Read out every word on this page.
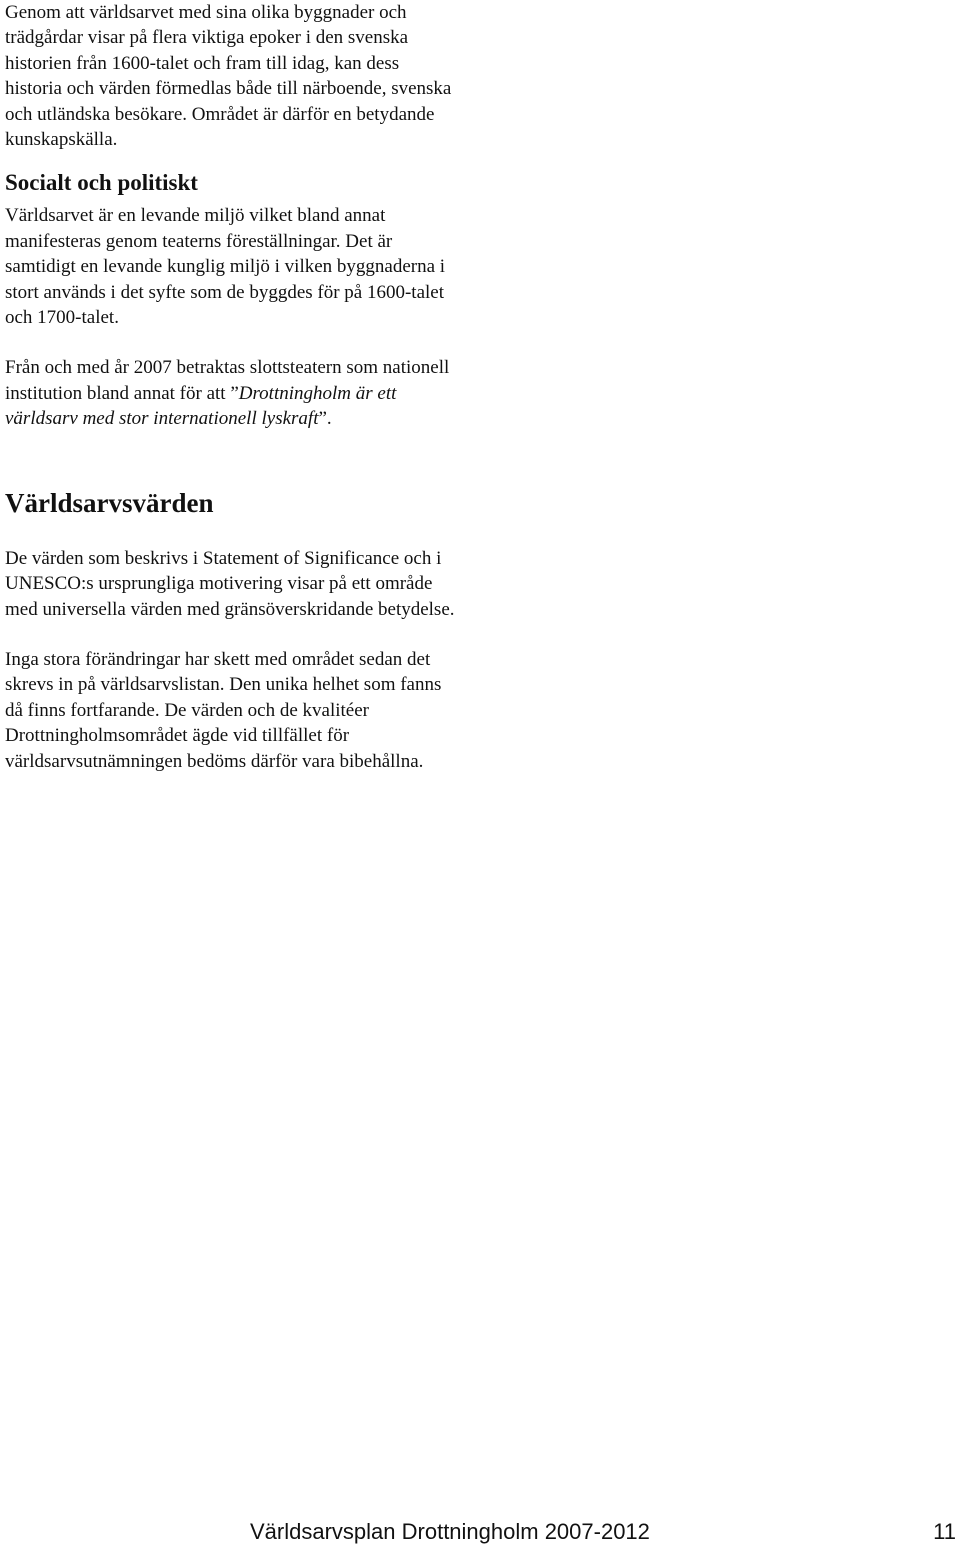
Genom att världsarvet med sina olika byggnader och trädgårdar visar på flera viktiga epoker i den svenska historien från 1600-talet och fram till idag, kan dess historia och värden förmedlas både till närboende, svenska och utländska besökare. Området är därför en betydande kunskapskälla.

Socialt och politiskt

Världsarvet är en levande miljö vilket bland annat manifesteras genom teaterns föreställningar. Det är samtidigt en levande kunglig miljö i vilken byggnaderna i stort används i det syfte som de byggdes för på 1600-talet och 1700-talet.

Från och med år 2007 betraktas slottsteatern som nationell institution bland annat för att ”Drottningholm är ett världsarv med stor internationell lyskraft”.

Världsarvsvärden

De värden som beskrivs i Statement of Significance och i UNESCO:s ursprungliga motivering visar på ett område med universella värden med gränsöverskridande betydelse.

Inga stora förändringar har skett med området sedan det skrevs in på världsarvslistan. Den unika helhet som fanns då finns fortfarande. De värden och de kvalitéer Drottningholmsområdet ägde vid tillfället för världsarvsutnämningen bedöms därför vara bibehållna.

Världsarvsplan Drottningholm 2007-2012	11
